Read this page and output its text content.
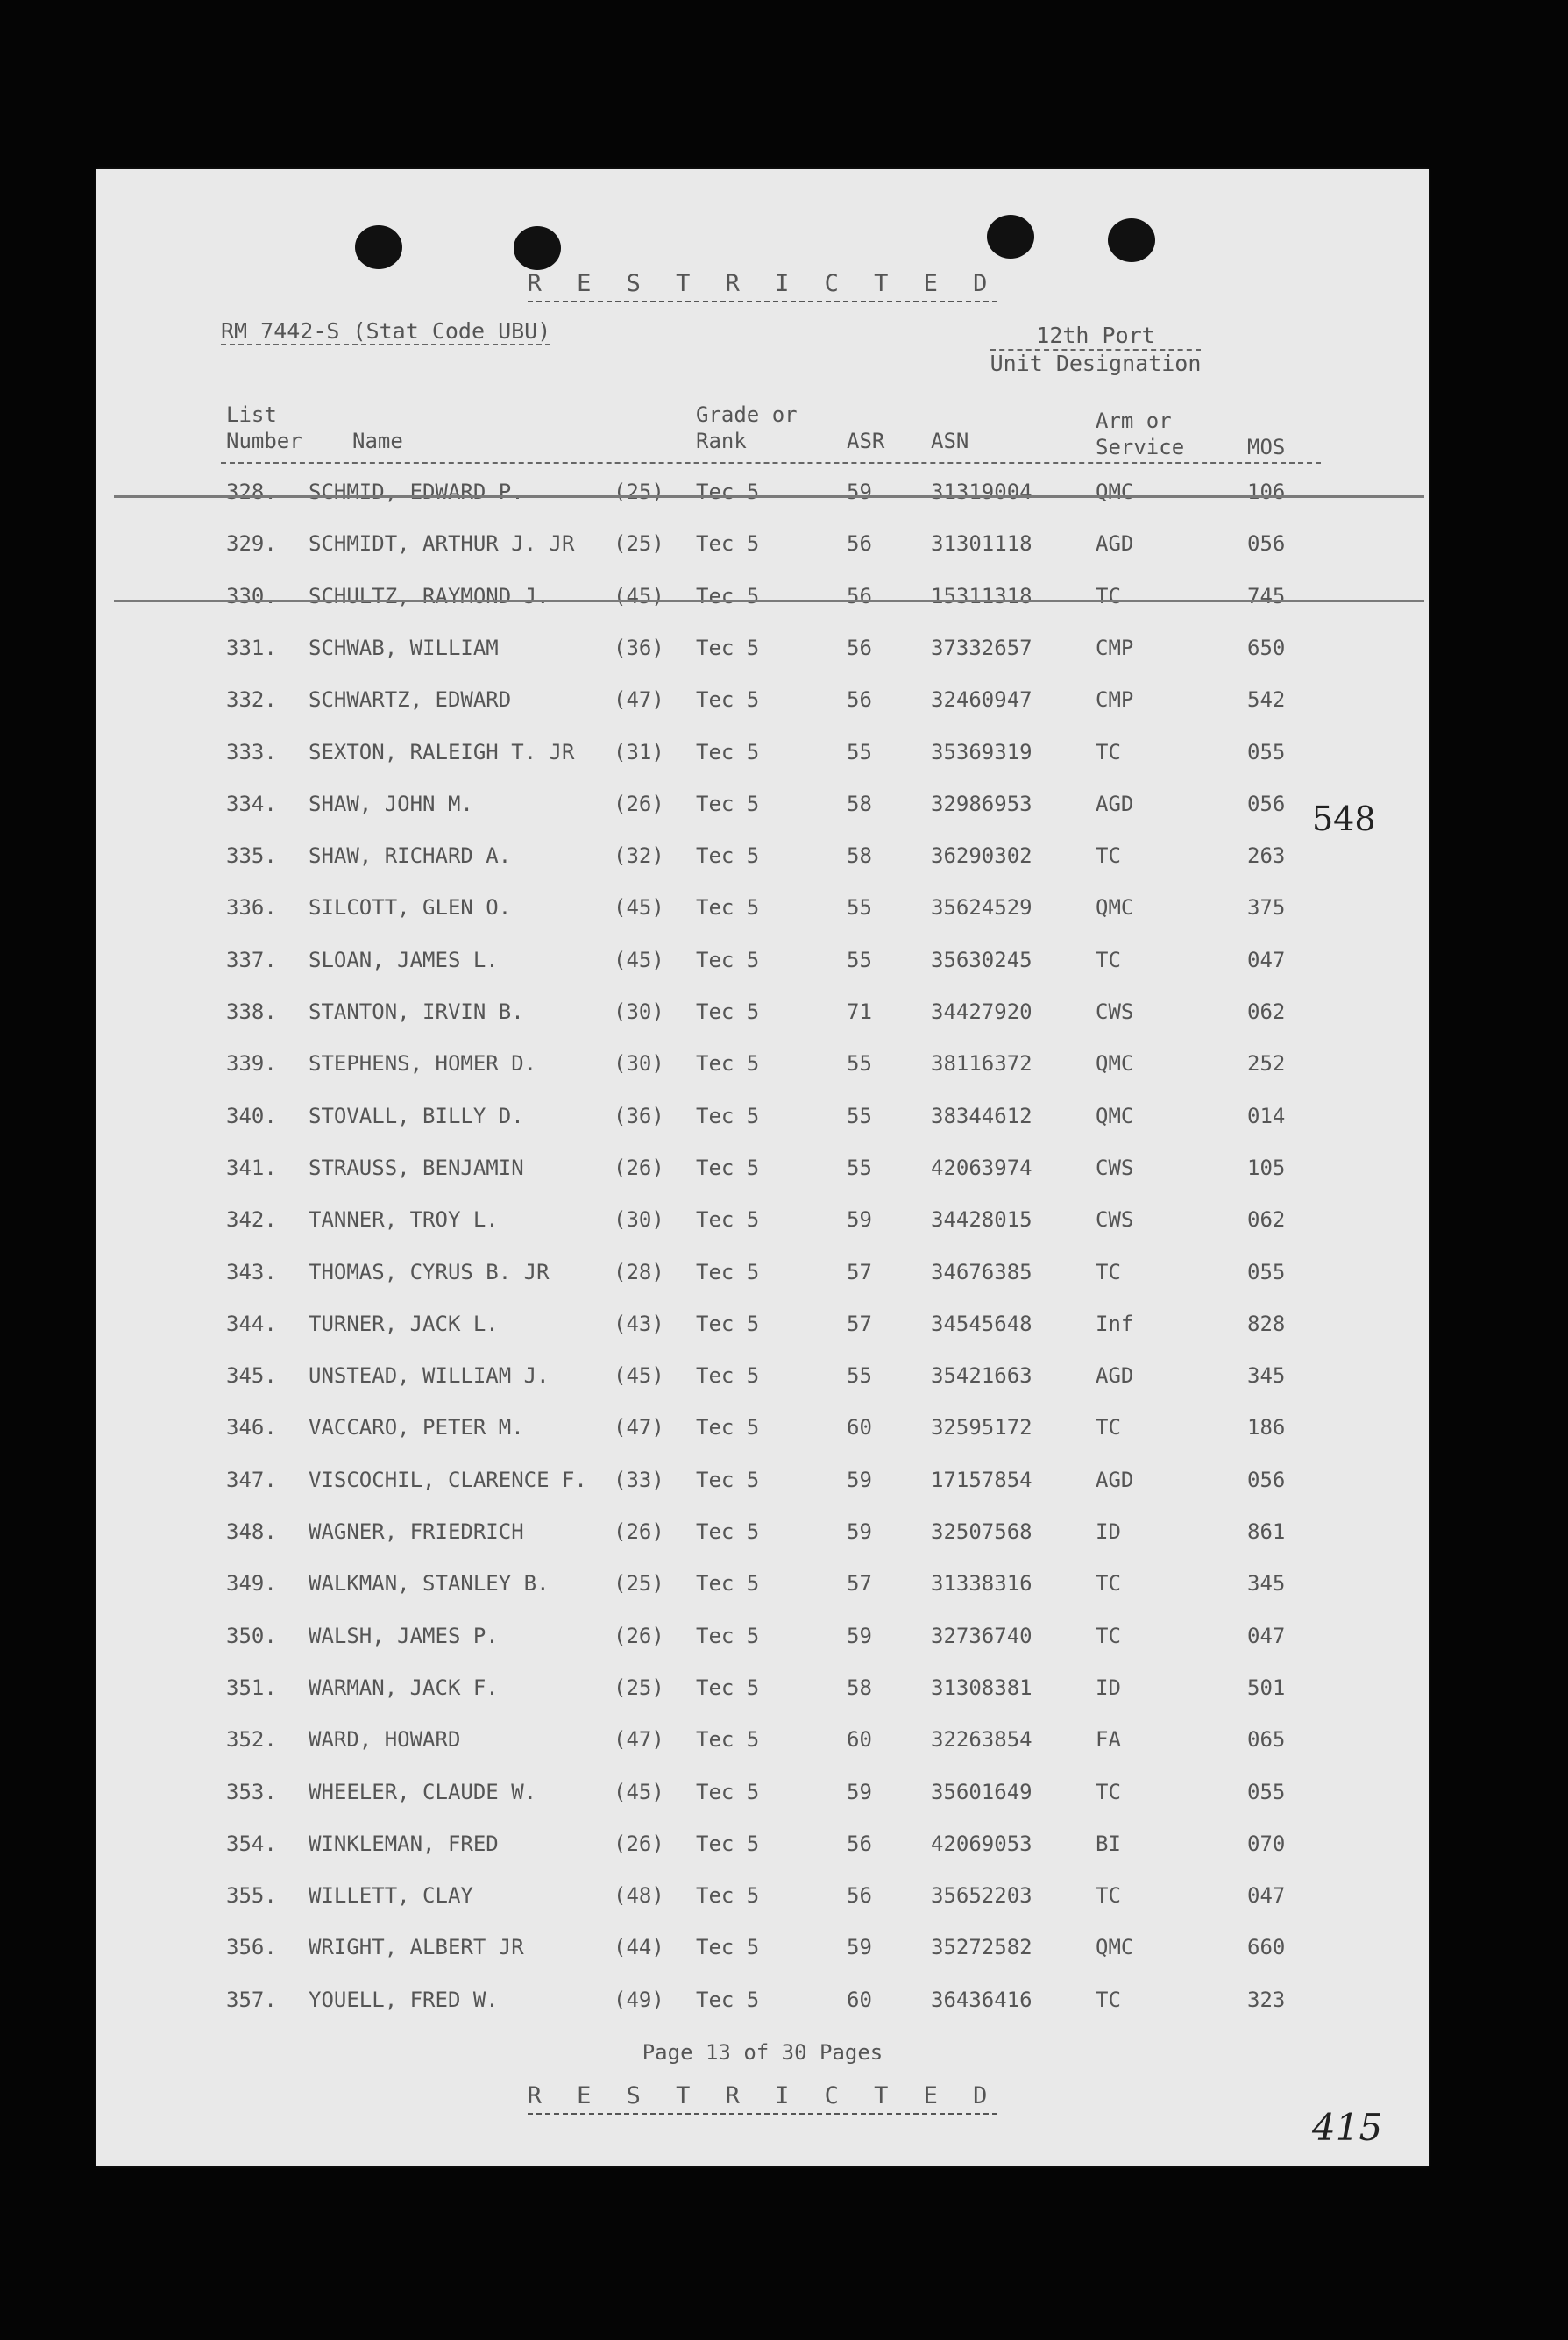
R E S T R I C T E D
RM 7442-S (Stat Code UBU)	12th Port
Unit Designation
List
Number Name
Grade or
Rank	ASR ASN
Arm or
Service	MOS
328. SCHMID, EDWARD P.	(25) Tec 5	59	31319004	QMC	106
329. SCHMIDT, ARTHUR J. JR	(25) Tec 5	56	31301118	AGD	056
330. SCHULTZ, RAYMOND J.	(45) Tec 5	56	15311318	TC	745
331. SCHWAB, WILLIAM	(36) Tec 5	56	37332657	CMP	650
332. SCHWARTZ, EDWARD	(47) Tec 5	56	32460947	CMP	542
333. SEXTON, RALEIGH T. JR	(31) Tec 5	55	35369319	TC	055
334. SHAW, JOHN M.	(26) Tec 5	58	32986953	AGD	056
335. SHAW, RICHARD A.	(32) Tec 5	58	36290302	TC	263
336. SILCOTT, GLEN O.	(45) Tec 5	55	35624529	QMC	375
337. SLOAN, JAMES L.	(45) Tec 5	55	35630245	TC	047
338. STANTON, IRVIN B.	(30) Tec 5	71	34427920	CWS	062
339. STEPHENS, HOMER D.	(30) Tec 5	55	38116372	QMC	252
340. STOVALL, BILLY D.	(36) Tec 5	55	38344612	QMC	014
341. STRAUSS, BENJAMIN	(26) Tec 5	55	42063974	CWS	105
342. TANNER, TROY L.	(30) Tec 5	59	34428015	CWS	062
343. THOMAS, CYRUS B. JR	(28) Tec 5	57	34676385	TC	055
344. TURNER, JACK L.	(43) Tec 5	57	34545648	Inf	828
345. UNSTEAD, WILLIAM J.	(45) Tec 5	55	35421663	AGD	345
346. VACCARO, PETER M.	(47) Tec 5	60	32595172	TC	186
347. VISCOCHIL, CLARENCE F.	(33) Tec 5	59	17157854	AGD	056
348. WAGNER, FRIEDRICH	(26) Tec 5	59	32507568	ID	861
349. WALKMAN, STANLEY B.	(25) Tec 5	57	31338316	TC	345
350. WALSH, JAMES P.	(26) Tec 5	59	32736740	TC	047
351. WARMAN, JACK F.	(25) Tec 5	58	31308381	ID	501
352. WARD, HOWARD	(47) Tec 5	60	32263854	FA	065
353. WHEELER, CLAUDE W.	(45) Tec 5	59	35601649	TC	055
354. WINKLEMAN, FRED	(26) Tec 5	56	42069053	BI	070
355. WILLETT, CLAY	(48) Tec 5	56	35652203	TC	047
356. WRIGHT, ALBERT JR	(44) Tec 5	59	35272582	QMC	660
357. YOUELL, FRED W.	(49) Tec 5	60	36436416	TC	323
Page 13 of 30 Pages
R E S T R I C T E D
548
415
